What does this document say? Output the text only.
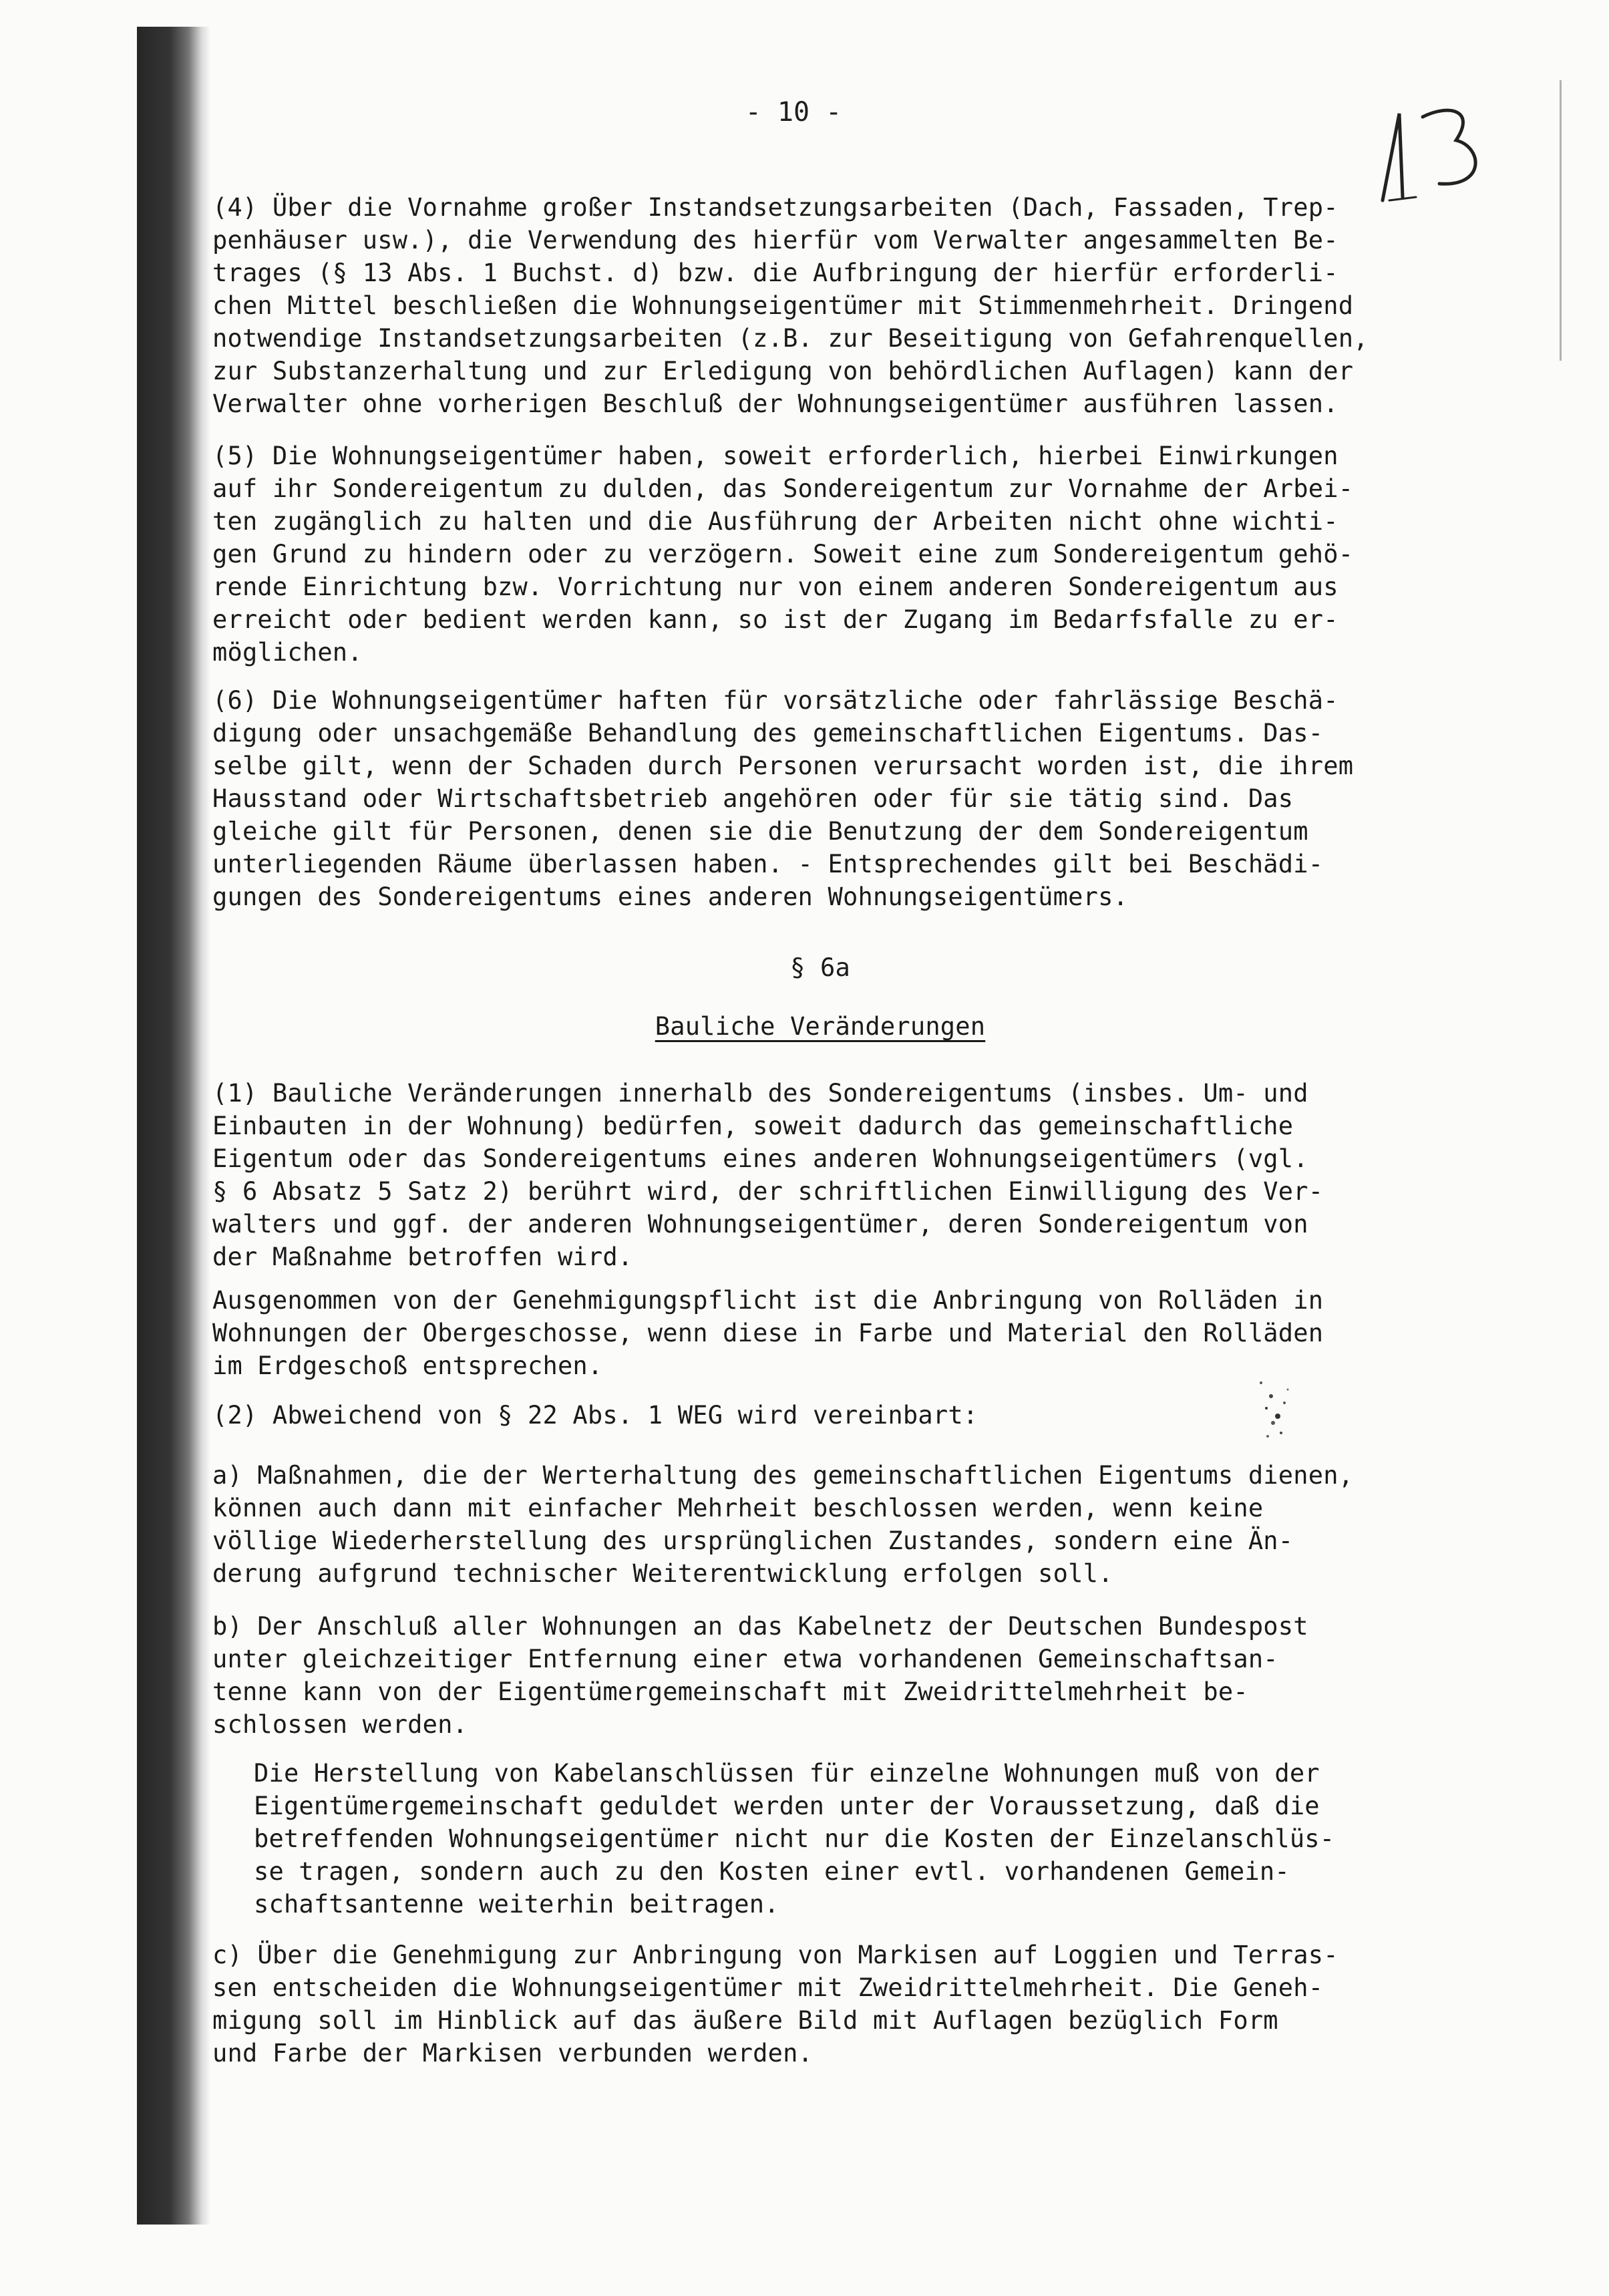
- 10 -

(4) Über die Vornahme großer Instandsetzungsarbeiten (Dach, Fassaden, Trep-
penhäuser usw.), die Verwendung des hierfür vom Verwalter angesammelten Be-
trages (§ 13 Abs. 1 Buchst. d) bzw. die Aufbringung der hierfür erforderli-
chen Mittel beschließen die Wohnungseigentümer mit Stimmenmehrheit. Dringend
notwendige Instandsetzungsarbeiten (z.B. zur Beseitigung von Gefahrenquellen,
zur Substanzerhaltung und zur Erledigung von behördlichen Auflagen) kann der
Verwalter ohne vorherigen Beschluß der Wohnungseigentümer ausführen lassen.

(5) Die Wohnungseigentümer haben, soweit erforderlich, hierbei Einwirkungen
auf ihr Sondereigentum zu dulden, das Sondereigentum zur Vornahme der Arbei-
ten zugänglich zu halten und die Ausführung der Arbeiten nicht ohne wichti-
gen Grund zu hindern oder zu verzögern. Soweit eine zum Sondereigentum gehö-
rende Einrichtung bzw. Vorrichtung nur von einem anderen Sondereigentum aus
erreicht oder bedient werden kann, so ist der Zugang im Bedarfsfalle zu er-
möglichen.

(6) Die Wohnungseigentümer haften für vorsätzliche oder fahrlässige Beschä-
digung oder unsachgemäße Behandlung des gemeinschaftlichen Eigentums. Das-
selbe gilt, wenn der Schaden durch Personen verursacht worden ist, die ihrem
Hausstand oder Wirtschaftsbetrieb angehören oder für sie tätig sind. Das
gleiche gilt für Personen, denen sie die Benutzung der dem Sondereigentum
unterliegenden Räume überlassen haben. - Entsprechendes gilt bei Beschädi-
gungen des Sondereigentums eines anderen Wohnungseigentümers.

§ 6a
Bauliche Veränderungen

(1) Bauliche Veränderungen innerhalb des Sondereigentums (insbes. Um- und
Einbauten in der Wohnung) bedürfen, soweit dadurch das gemeinschaftliche
Eigentum oder das Sondereigentums eines anderen Wohnungseigentümers (vgl.
§ 6 Absatz 5 Satz 2) berührt wird, der schriftlichen Einwilligung des Ver-
walters und ggf. der anderen Wohnungseigentümer, deren Sondereigentum von
der Maßnahme betroffen wird.

Ausgenommen von der Genehmigungspflicht ist die Anbringung von Rolläden in
Wohnungen der Obergeschosse, wenn diese in Farbe und Material den Rolläden
im Erdgeschoß entsprechen.

(2) Abweichend von § 22 Abs. 1 WEG wird vereinbart:

a) Maßnahmen, die der Werterhaltung des gemeinschaftlichen Eigentums dienen,
können auch dann mit einfacher Mehrheit beschlossen werden, wenn keine
völlige Wiederherstellung des ursprünglichen Zustandes, sondern eine Än-
derung aufgrund technischer Weiterentwicklung erfolgen soll.

b) Der Anschluß aller Wohnungen an das Kabelnetz der Deutschen Bundespost
unter gleichzeitiger Entfernung einer etwa vorhandenen Gemeinschaftsan-
tenne kann von der Eigentümergemeinschaft mit Zweidrittelmehrheit be-
schlossen werden.

Die Herstellung von Kabelanschlüssen für einzelne Wohnungen muß von der
Eigentümergemeinschaft geduldet werden unter der Voraussetzung, daß die
betreffenden Wohnungseigentümer nicht nur die Kosten der Einzelanschlüs-
se tragen, sondern auch zu den Kosten einer evtl. vorhandenen Gemein-
schaftsantenne weiterhin beitragen.

c) Über die Genehmigung zur Anbringung von Markisen auf Loggien und Terras-
sen entscheiden die Wohnungseigentümer mit Zweidrittelmehrheit. Die Geneh-
migung soll im Hinblick auf das äußere Bild mit Auflagen bezüglich Form
und Farbe der Markisen verbunden werden.
